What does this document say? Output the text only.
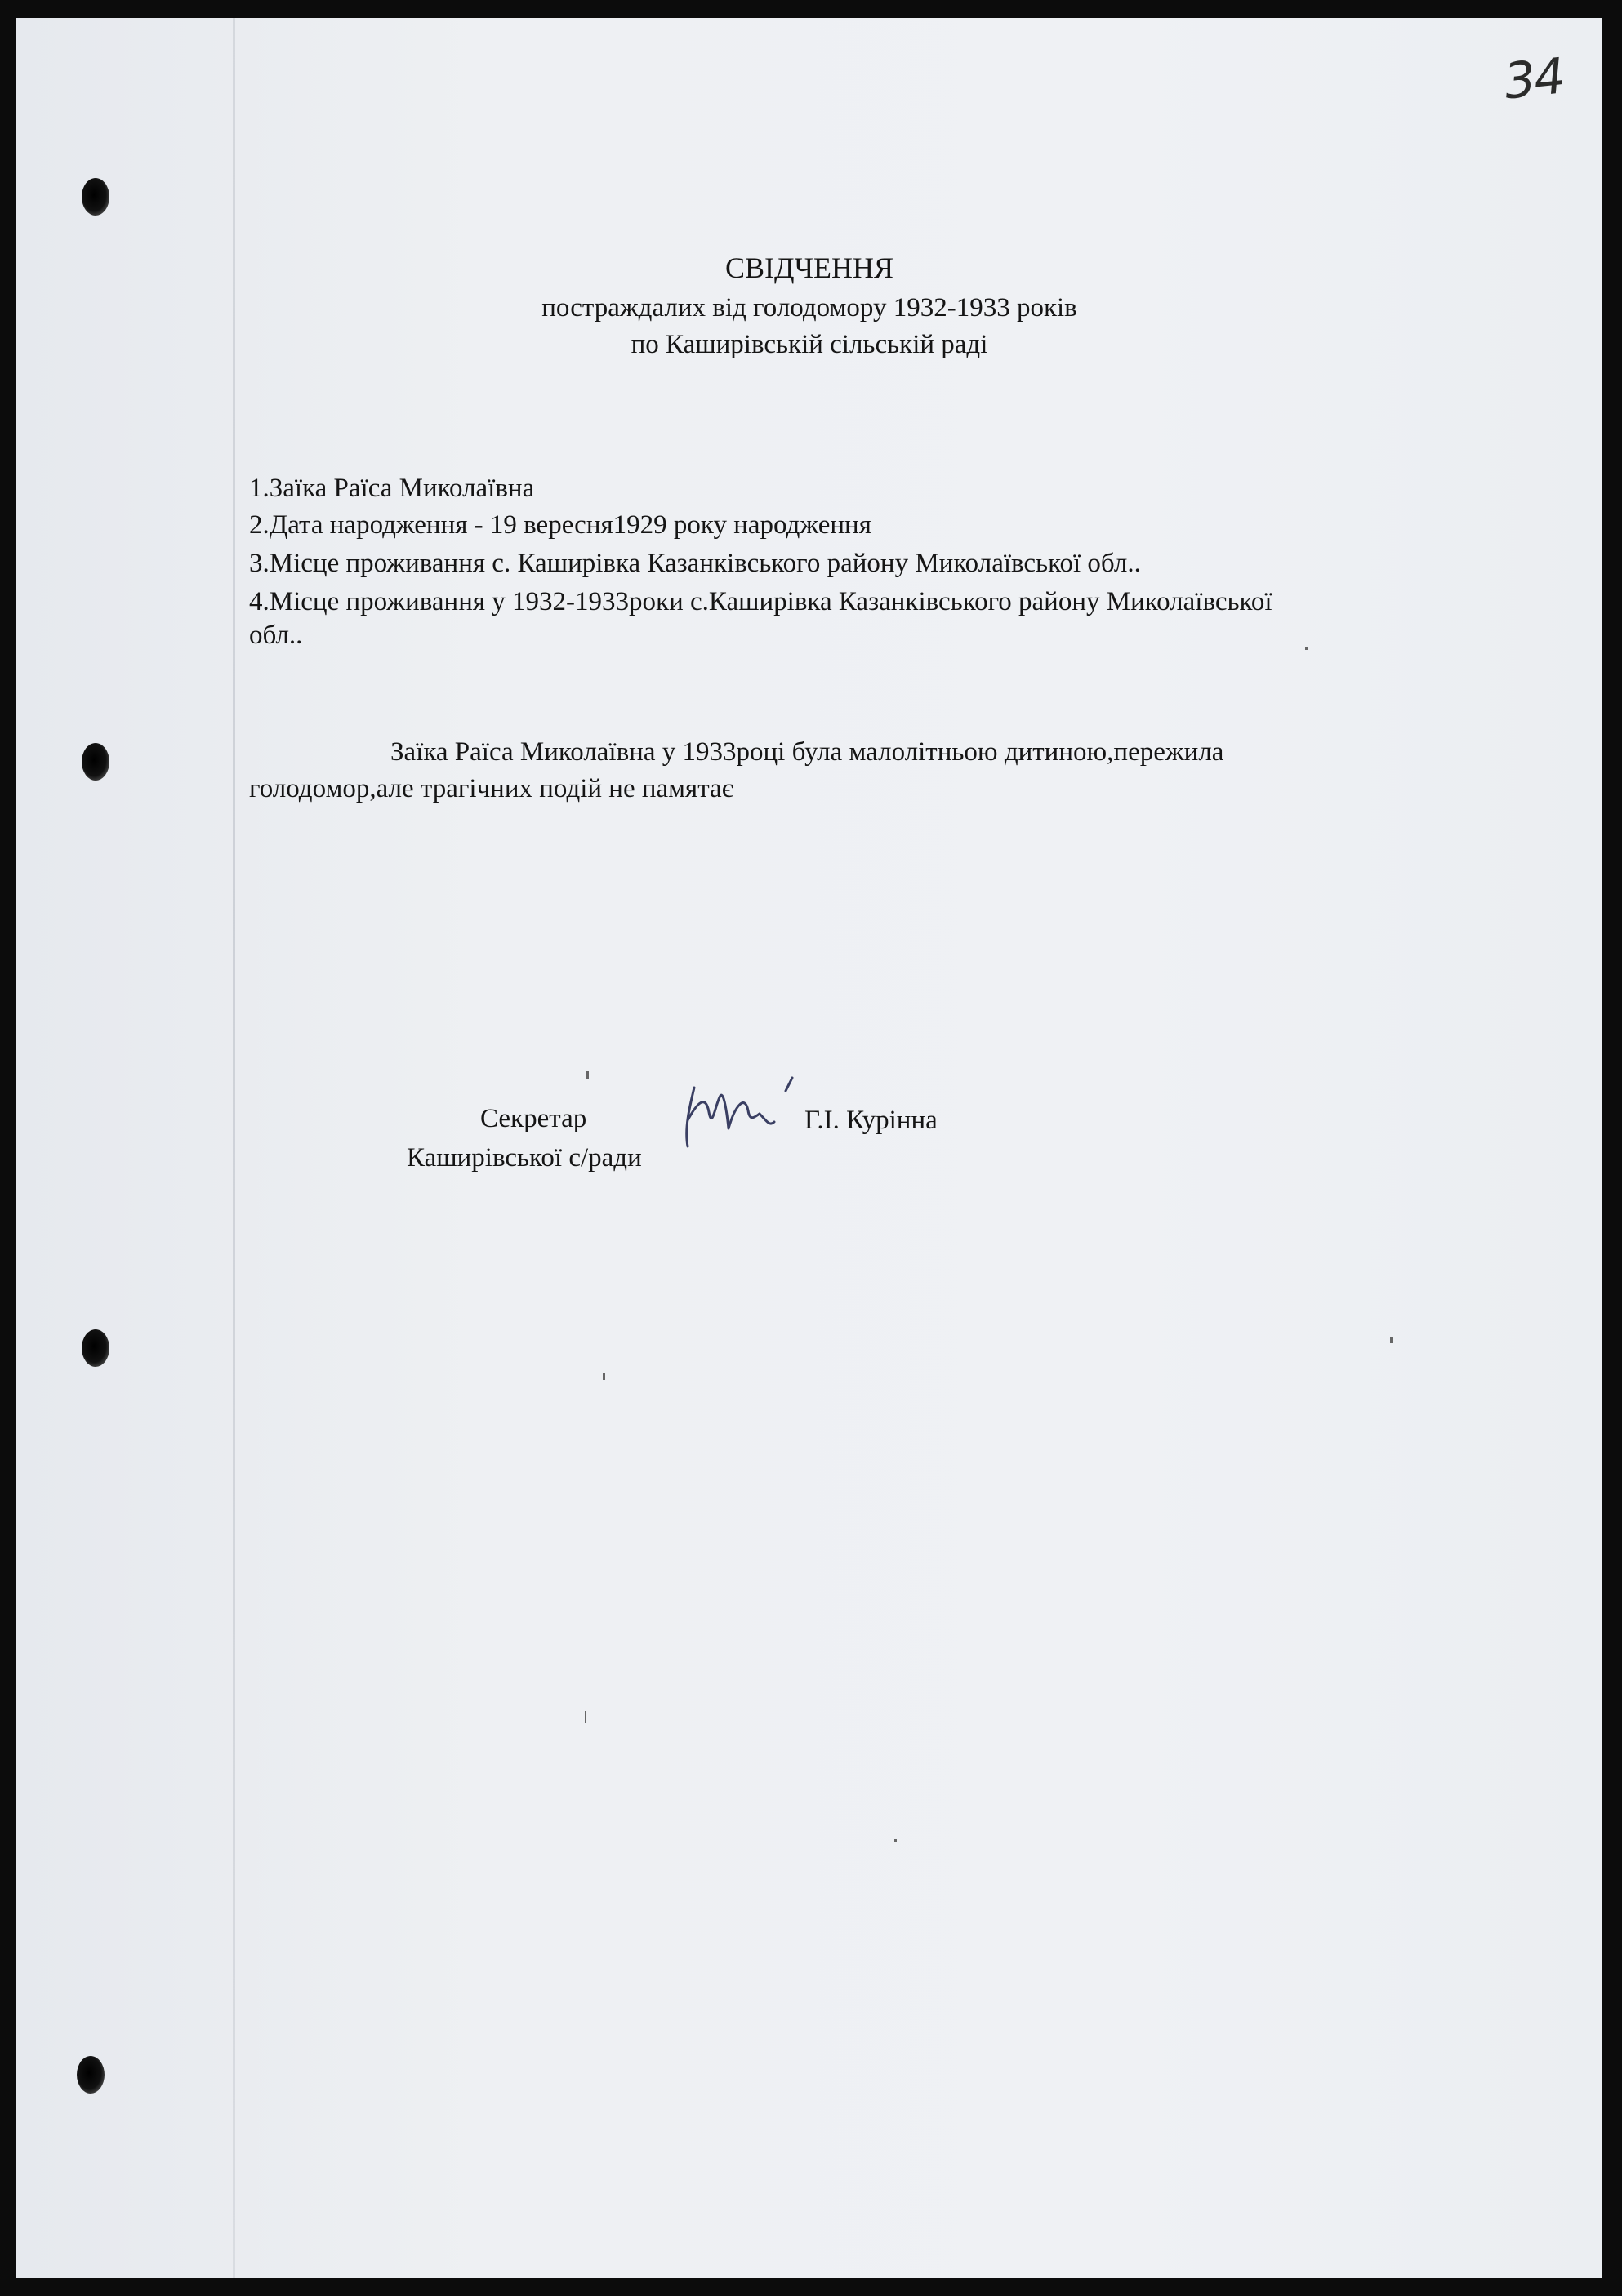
34
СВІДЧЕННЯ
постраждалих від голодомору 1932-1933 років
по Каширівській сільській раді
1.Заїка Раїса Миколаївна
2.Дата народження - 19 вересня1929 року народження
3.Місце проживання с. Каширівка Казанківського району Миколаївської обл..
4.Місце проживання у 1932-1933роки с.Каширівка Казанківського району Миколаївської
обл..
Заїка Раїса Миколаївна у 1933році була малолітньою дитиною,пережила
голодомор,але трагічних подій не памятає
Секретар
Каширівської с/ради
Г.І. Курінна
